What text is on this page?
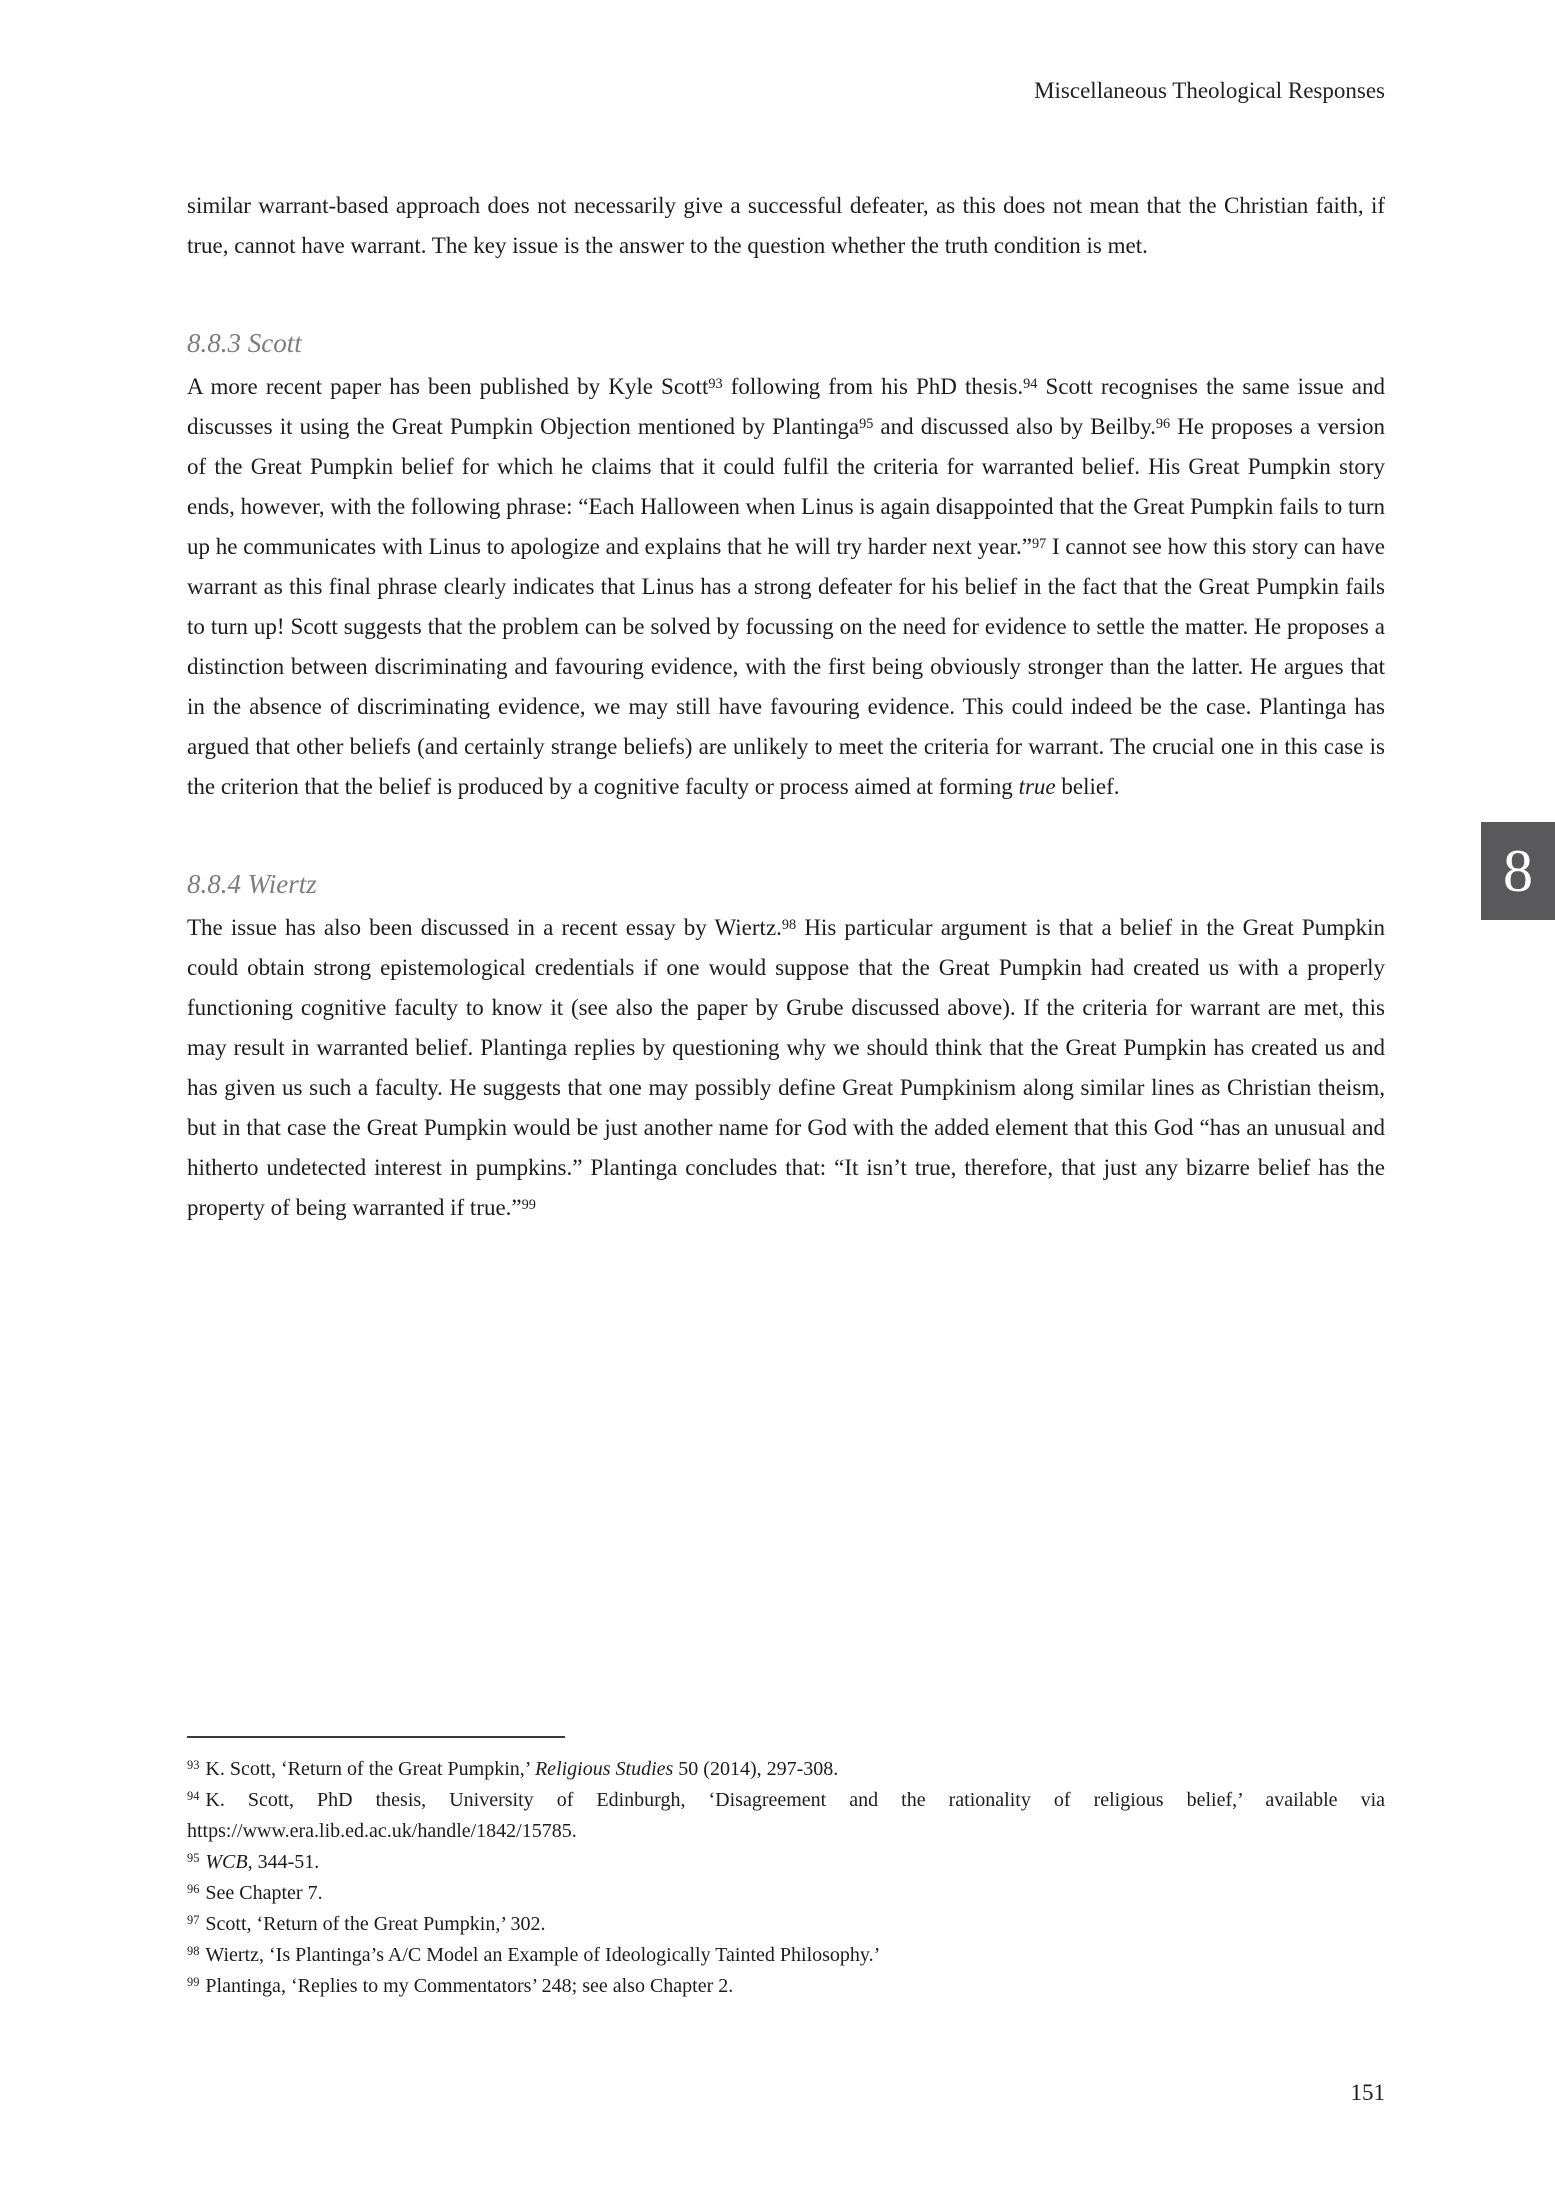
Miscellaneous Theological Responses

similar warrant-based approach does not necessarily give a successful defeater, as this does not mean that the Christian faith, if true, cannot have warrant. The key issue is the answer to the question whether the truth condition is met.

8.8.3 Scott

A more recent paper has been published by Kyle Scott$^{93}$ following from his PhD thesis.$^{94}$ Scott recognises the same issue and discusses it using the Great Pumpkin Objection mentioned by Plantinga$^{95}$ and discussed also by Beilby.$^{96}$ He proposes a version of the Great Pumpkin belief for which he claims that it could fulfil the criteria for warranted belief. His Great Pumpkin story ends, however, with the following phrase: “Each Halloween when Linus is again disappointed that the Great Pumpkin fails to turn up he communicates with Linus to apologize and explains that he will try harder next year.”$^{97}$ I cannot see how this story can have warrant as this final phrase clearly indicates that Linus has a strong defeater for his belief in the fact that the Great Pumpkin fails to turn up! Scott suggests that the problem can be solved by focussing on the need for evidence to settle the matter. He proposes a distinction between discriminating and favouring evidence, with the first being obviously stronger than the latter. He argues that in the absence of discriminating evidence, we may still have favouring evidence. This could indeed be the case. Plantinga has argued that other beliefs (and certainly strange beliefs) are unlikely to meet the criteria for warrant. The crucial one in this case is the criterion that the belief is produced by a cognitive faculty or process aimed at forming true belief.

8.8.4 Wiertz

The issue has also been discussed in a recent essay by Wiertz.$^{98}$ His particular argument is that a belief in the Great Pumpkin could obtain strong epistemological credentials if one would suppose that the Great Pumpkin had created us with a properly functioning cognitive faculty to know it (see also the paper by Grube discussed above). If the criteria for warrant are met, this may result in warranted belief. Plantinga replies by questioning why we should think that the Great Pumpkin has created us and has given us such a faculty. He suggests that one may possibly define Great Pumpkinism along similar lines as Christian theism, but in that case the Great Pumpkin would be just another name for God with the added element that this God “has an unusual and hitherto undetected interest in pumpkins.” Plantinga concludes that: “It isn’t true, therefore, that just any bizarre belief has the property of being warranted if true.”$^{99}$

8

$^{93}$ K. Scott, ‘Return of the Great Pumpkin,’ Religious Studies 50 (2014), 297-308.

$^{94}$ K. Scott, PhD thesis, University of Edinburgh, ‘Disagreement and the rationality of religious belief,’ available via https://www.era.lib.ed.ac.uk/handle/1842/15785.

$^{95}$ WCB, 344-51.

$^{96}$ See Chapter 7.

$^{97}$ Scott, ‘Return of the Great Pumpkin,’ 302.

$^{98}$ Wiertz, ‘Is Plantinga’s A/C Model an Example of Ideologically Tainted Philosophy.’

$^{99}$ Plantinga, ‘Replies to my Commentators’ 248; see also Chapter 2.

151
